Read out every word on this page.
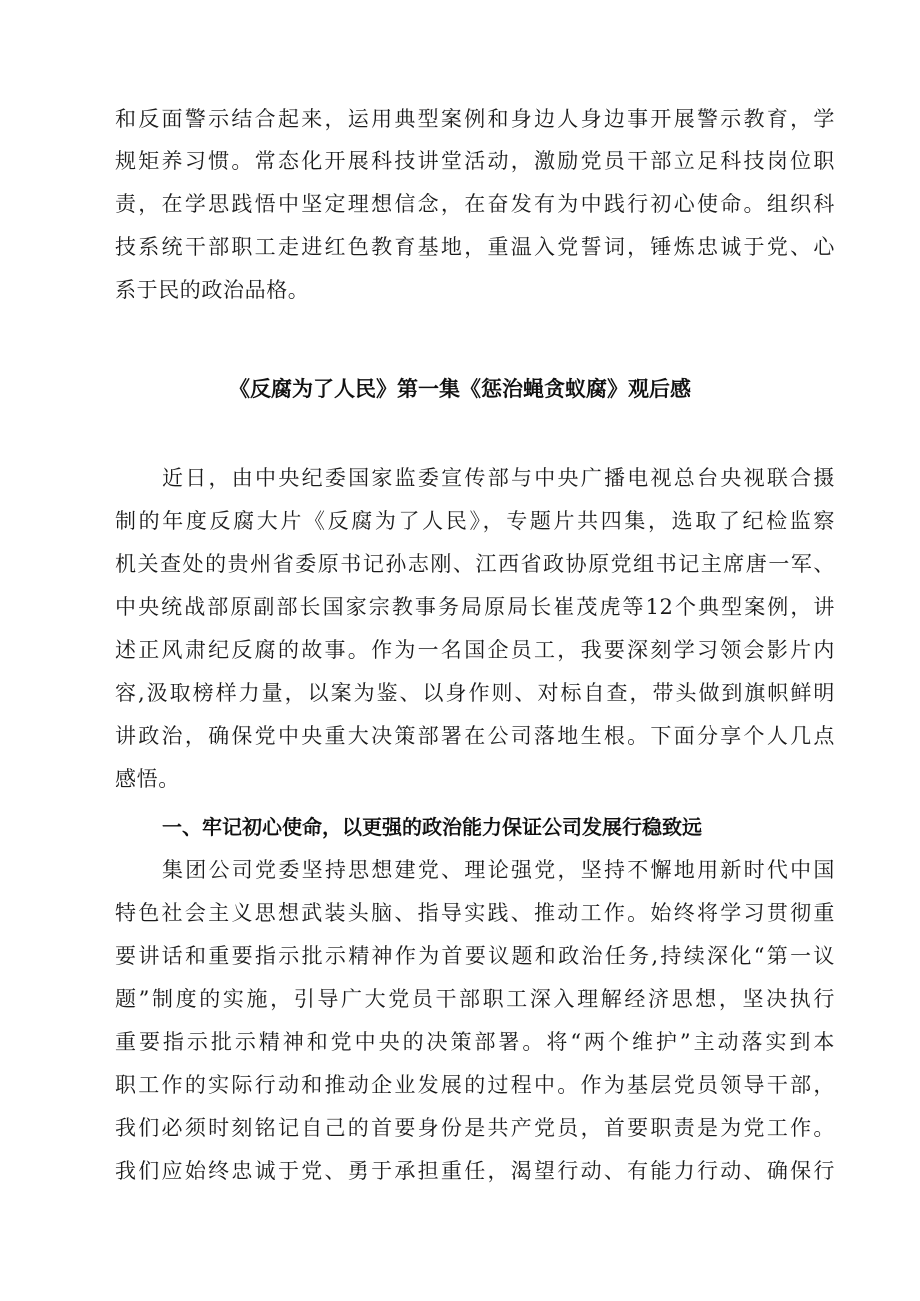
和反面警示结合起来，运用典型案例和身边人身边事开展警示教育，学

规矩养习惯。常态化开展科技讲堂活动，激励党员干部立足科技岗位职

责，在学思践悟中坚定理想信念，在奋发有为中践行初心使命。组织科

技系统干部职工走进红色教育基地，重温入党誓词，锤炼忠诚于党、心

系于民的政治品格。

《反腐为了人民》第一集《惩治蝇贪蚁腐》观后感

近日，由中央纪委国家监委宣传部与中央广播电视总台央视联合摄

制的年度反腐大片《反腐为了人民》，专题片共四集，选取了纪检监察

机关查处的贵州省委原书记孙志刚、江西省政协原党组书记主席唐一军、

中央统战部原副部长国家宗教事务局原局长崔茂虎等12个典型案例，讲

述正风肃纪反腐的故事。作为一名国企员工，我要深刻学习领会影片内

容,汲取榜样力量，以案为鉴、以身作则、对标自查，带头做到旗帜鲜明

讲政治，确保党中央重大决策部署在公司落地生根。下面分享个人几点

感悟。

一、牢记初心使命，以更强的政治能力保证公司发展行稳致远

集团公司党委坚持思想建党、理论强党，坚持不懈地用新时代中国

特色社会主义思想武装头脑、指导实践、推动工作。始终将学习贯彻重

要讲话和重要指示批示精神作为首要议题和政治任务,持续深化“第一议

题”制度的实施，引导广大党员干部职工深入理解经济思想，坚决执行

重要指示批示精神和党中央的决策部署。将“两个维护”主动落实到本

职工作的实际行动和推动企业发展的过程中。作为基层党员领导干部，

我们必须时刻铭记自己的首要身份是共产党员，首要职责是为党工作。

我们应始终忠诚于党、勇于承担重任，渴望行动、有能力行动、确保行
